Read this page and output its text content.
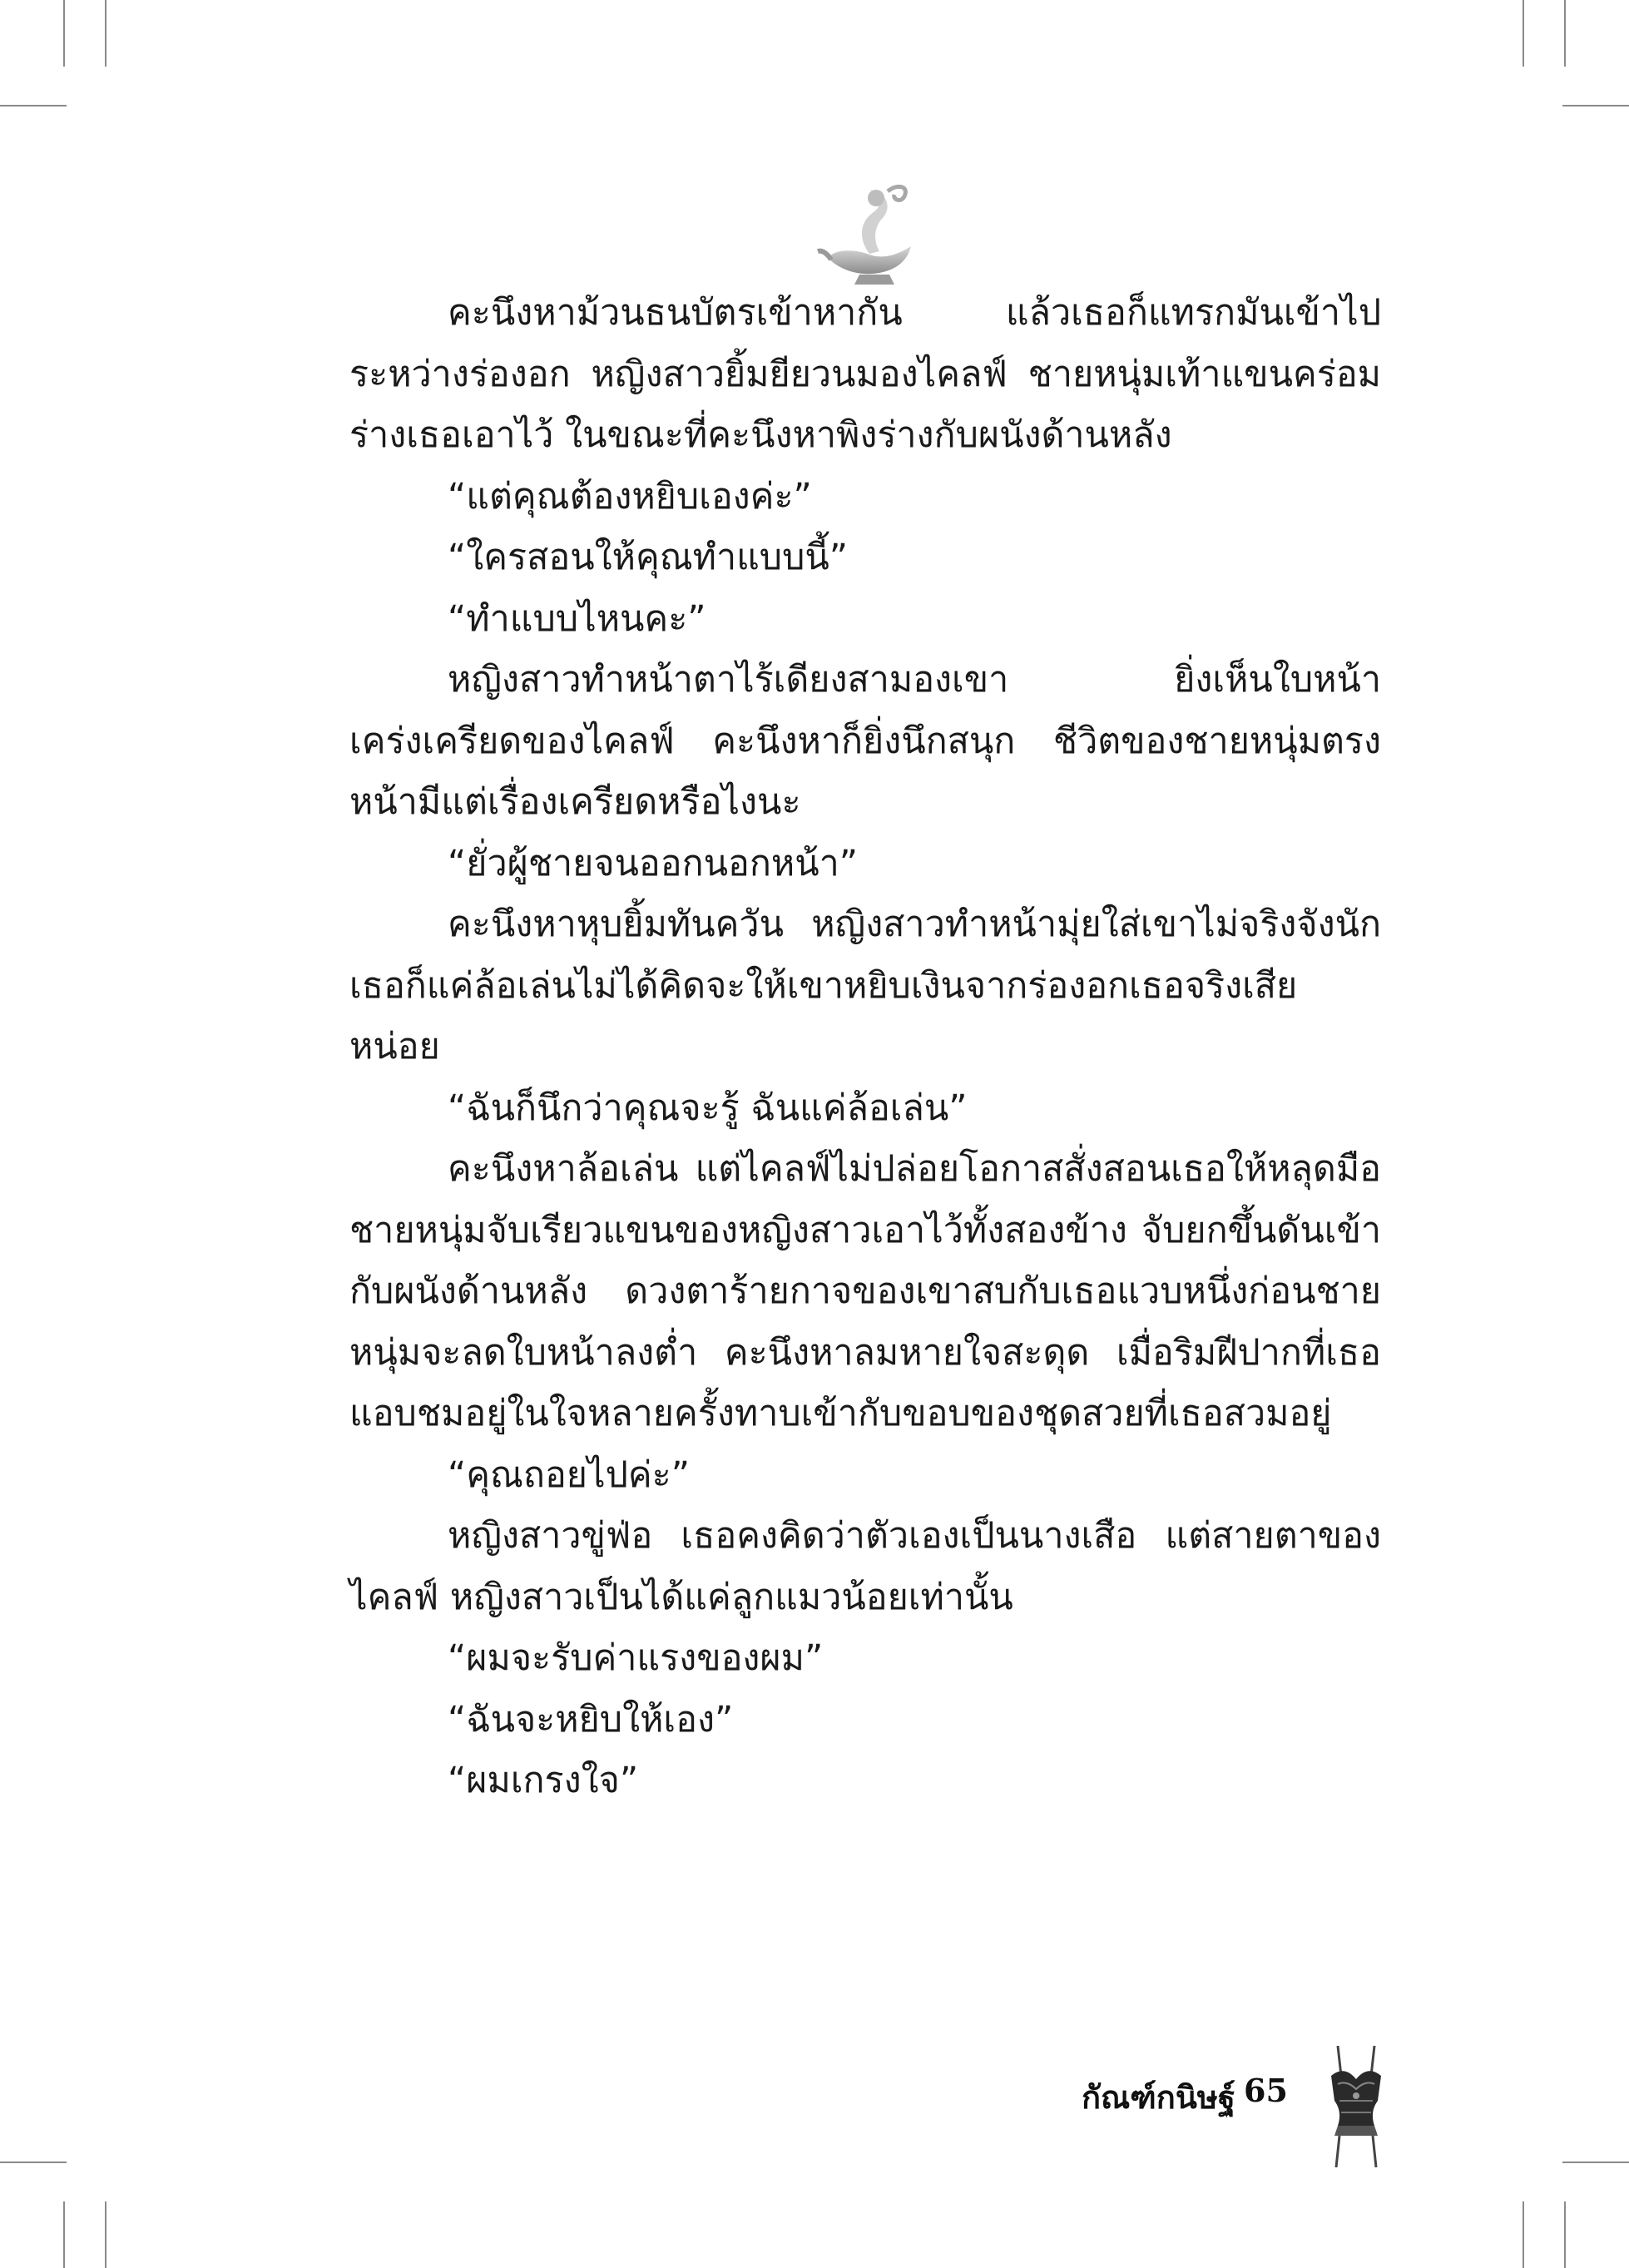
คะนึงหาม้วนธนบัตรเข้าหากัน แล้วเธอก็แทรกมันเข้าไประหว่างร่องอก หญิงสาวยิ้มยียวนมองไคลฟ์ ชายหนุ่มเท้าแขนคร่อมร่างเธอเอาไว้ ในขณะที่คะนึงหาพิงร่างกับผนังด้านหลัง

“แต่คุณต้องหยิบเองค่ะ”

“ใครสอนให้คุณทำแบบนี้”

“ทำแบบไหนคะ”

หญิงสาวทำหน้าตาไร้เดียงสามองเขา ยิ่งเห็นใบหน้าเคร่งเครียดของไคลฟ์ คะนึงหาก็ยิ่งนึกสนุก ชีวิตของชายหนุ่มตรงหน้ามีแต่เรื่องเครียดหรือไงนะ

“ยั่วผู้ชายจนออกนอกหน้า”

คะนึงหาหุบยิ้มทันควัน หญิงสาวทำหน้ามุ่ยใส่เขาไม่จริงจังนักเธอก็แค่ล้อเล่นไม่ได้คิดจะให้เขาหยิบเงินจากร่องอกเธอจริงเสียหน่อย

“ฉันก็นึกว่าคุณจะรู้ ฉันแค่ล้อเล่น”

คะนึงหาล้อเล่น แต่ไคลฟ์ไม่ปล่อยโอกาสสั่งสอนเธอให้หลุดมือชายหนุ่มจับเรียวแขนของหญิงสาวเอาไว้ทั้งสองข้าง จับยกขึ้นดันเข้ากับผนังด้านหลัง ดวงตาร้ายกาจของเขาสบกับเธอแวบหนึ่งก่อนชายหนุ่มจะลดใบหน้าลงต่ำ คะนึงหาลมหายใจสะดุด เมื่อริมฝีปากที่เธอแอบชมอยู่ในใจหลายครั้งทาบเข้ากับขอบของชุดสวยที่เธอสวมอยู่

“คุณถอยไปค่ะ”

หญิงสาวขู่ฟ่อ เธอคงคิดว่าตัวเองเป็นนางเสือ แต่สายตาของไคลฟ์ หญิงสาวเป็นได้แค่ลูกแมวน้อยเท่านั้น

“ผมจะรับค่าแรงของผม”

“ฉันจะหยิบให้เอง”

“ผมเกรงใจ”

กัณฑ์กนิษฐ์ 65
